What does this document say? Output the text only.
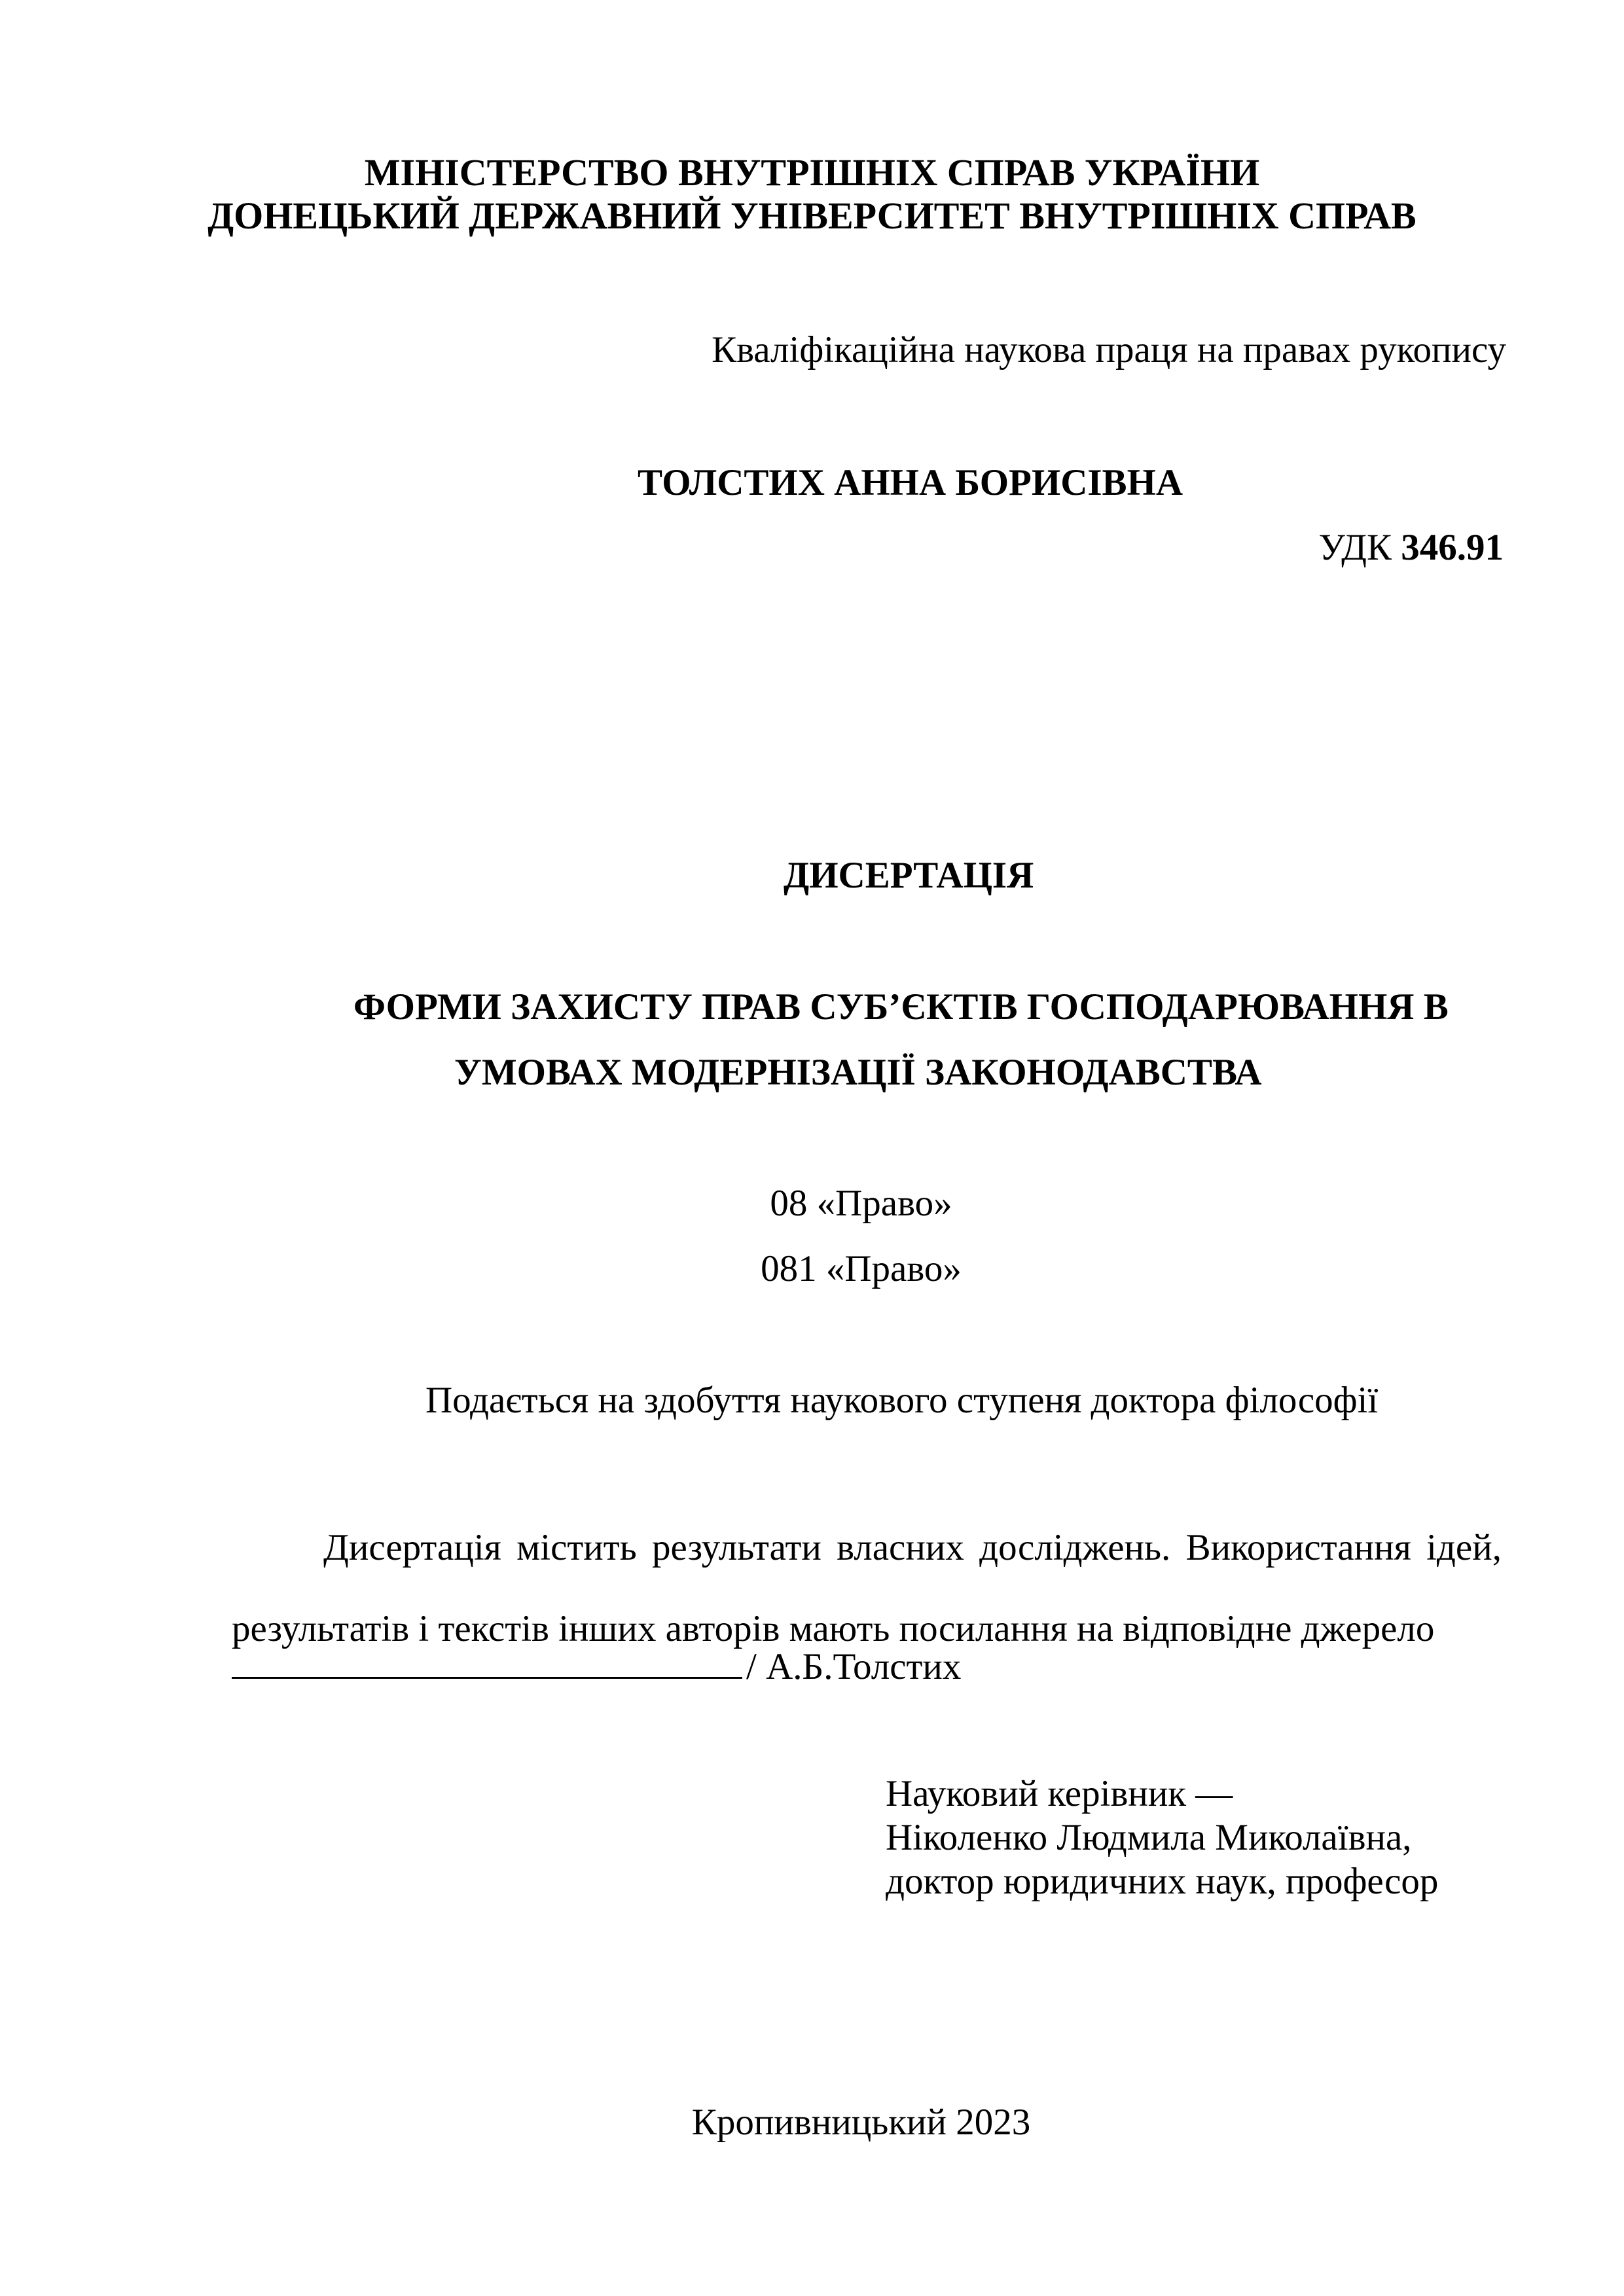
МІНІСТЕРСТВО ВНУТРІШНІХ СПРАВ УКРАЇНИ
ДОНЕЦЬКИЙ ДЕРЖАВНИЙ УНІВЕРСИТЕТ ВНУТРІШНІХ СПРАВ
Кваліфікаційна наукова праця на правах рукопису
ТОЛСТИХ АННА БОРИСІВНА
УДК 346.91
ДИСЕРТАЦІЯ
ФОРМИ ЗАХИСТУ ПРАВ СУБ’ЄКТІВ ГОСПОДАРЮВАННЯ В
УМОВАХ МОДЕРНІЗАЦІЇ ЗАКОНОДАВСТВА
08 «Право»
081 «Право»
Подається на здобуття наукового ступеня доктора філософії
Дисертація містить результати власних досліджень. Використання ідей, результатів і текстів інших авторів мають посилання на відповідне джерело
/ А.Б.Толстих
Науковий керівник —
Ніколенко Людмила Миколаївна,
доктор юридичних наук, професор
Кропивницький 2023
